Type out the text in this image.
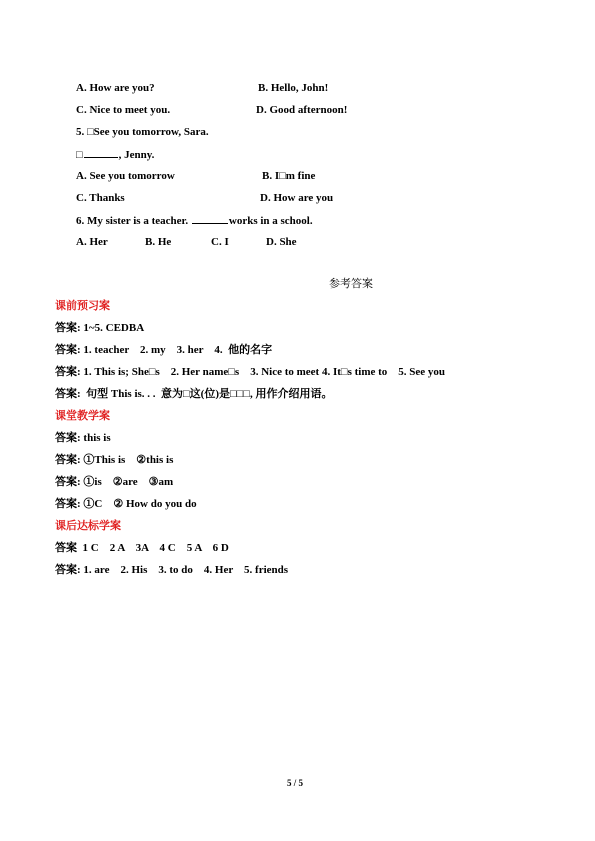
A. How are you?	B. Hello, John!
C. Nice to meet you.	D. Good afternoon!
5. □See you tomorrow, Sara.
□	, Jenny.
A. See you tomorrow	B. I□m fine
C. Thanks	D. How are you
6. My sister is a teacher.	works in a school.
A. Her	B. He	C. I	D. She
参考答案
课前预习案
答案: 1~5. CEDBA
答案: 1. teacher    2. my    3. her    4.  他的名字
答案: 1. This is; She□s    2. Her name□s    3. Nice to meet 4. It□s time to    5. See you
答案:  句型 This is. . .  意为□这(位)是□□□, 用作介绍用语。
课堂教学案
答案: this is
答案: ①This is    ②this is
答案: ①is    ②are    ③am
答案: ①C    ② How do you do
课后达标学案
答案  1 C    2 A    3A    4 C    5 A    6 D
答案: 1. are    2. His    3. to do    4. Her    5. friends
5 / 5
